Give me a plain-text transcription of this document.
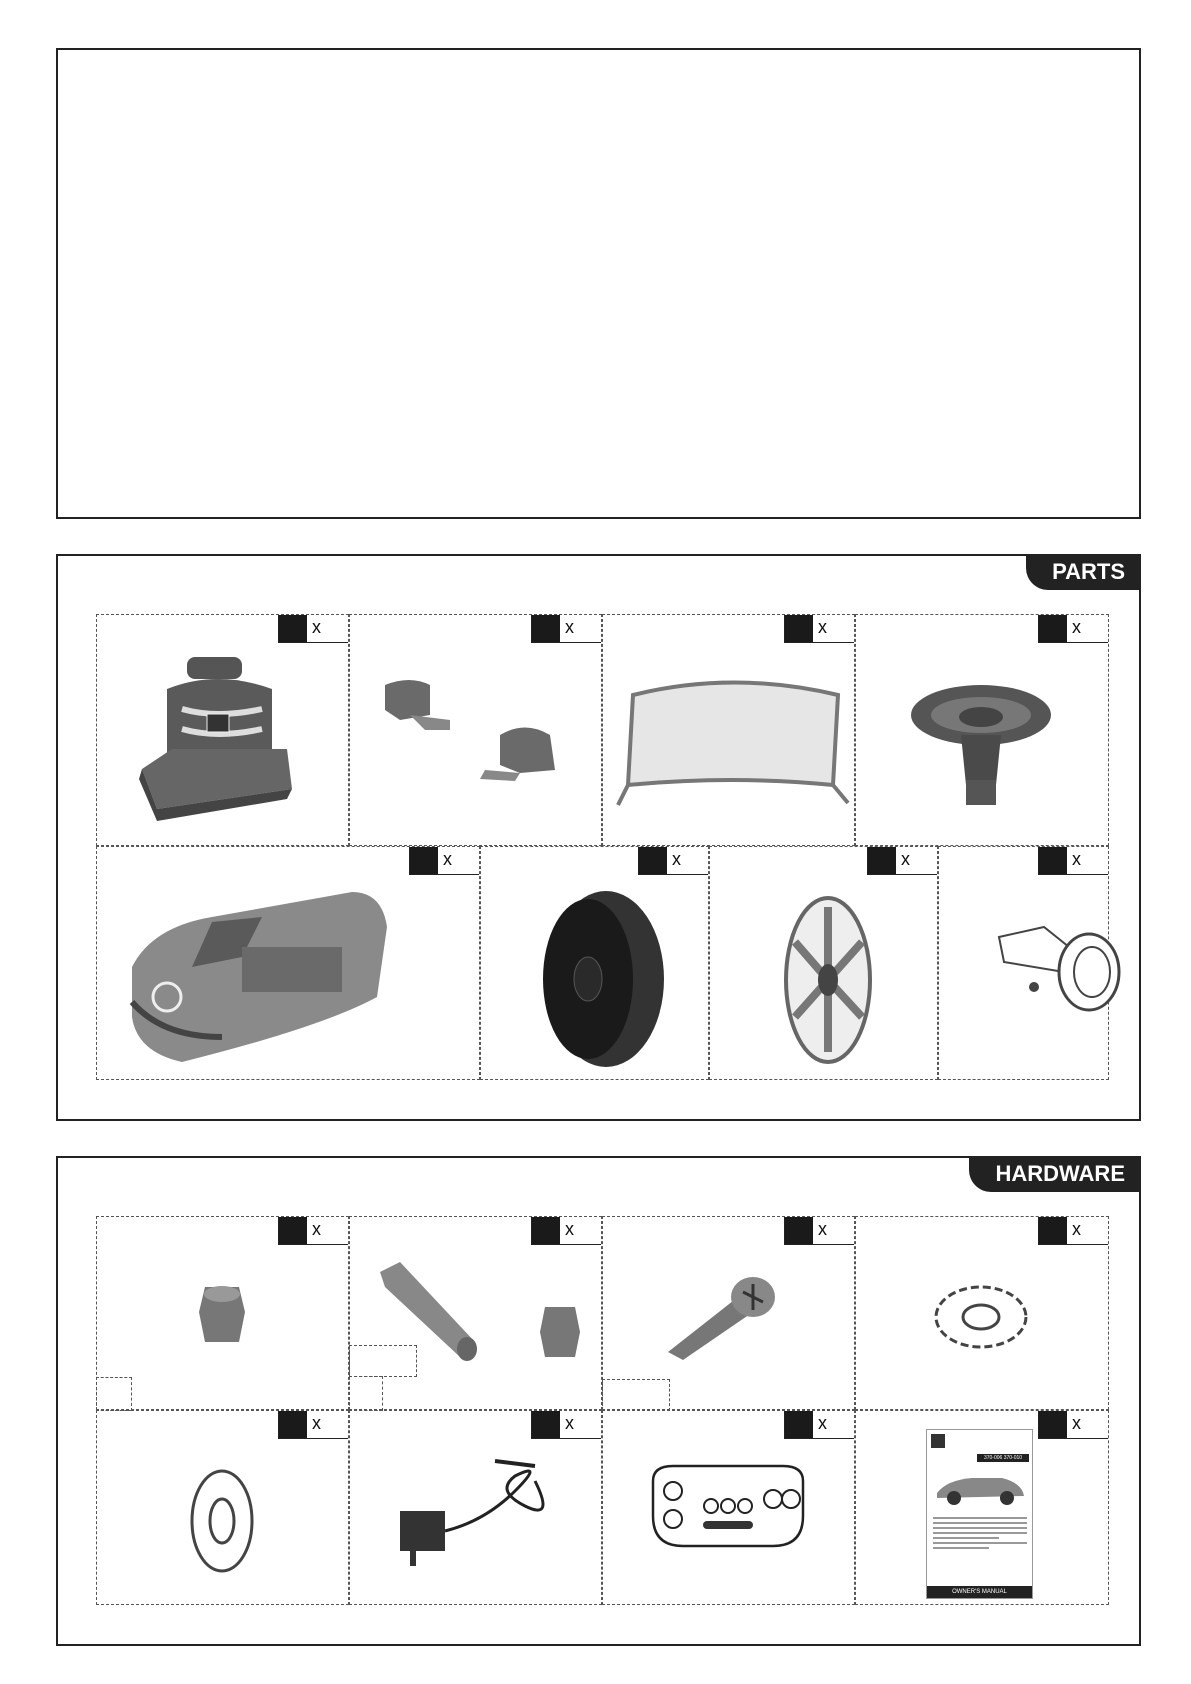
PARTS
x	x	x	x
x	x	x	x
HARDWARE
x	x	x	x
x	x	x	x
370-006 370-010
OWNER'S MANUAL
